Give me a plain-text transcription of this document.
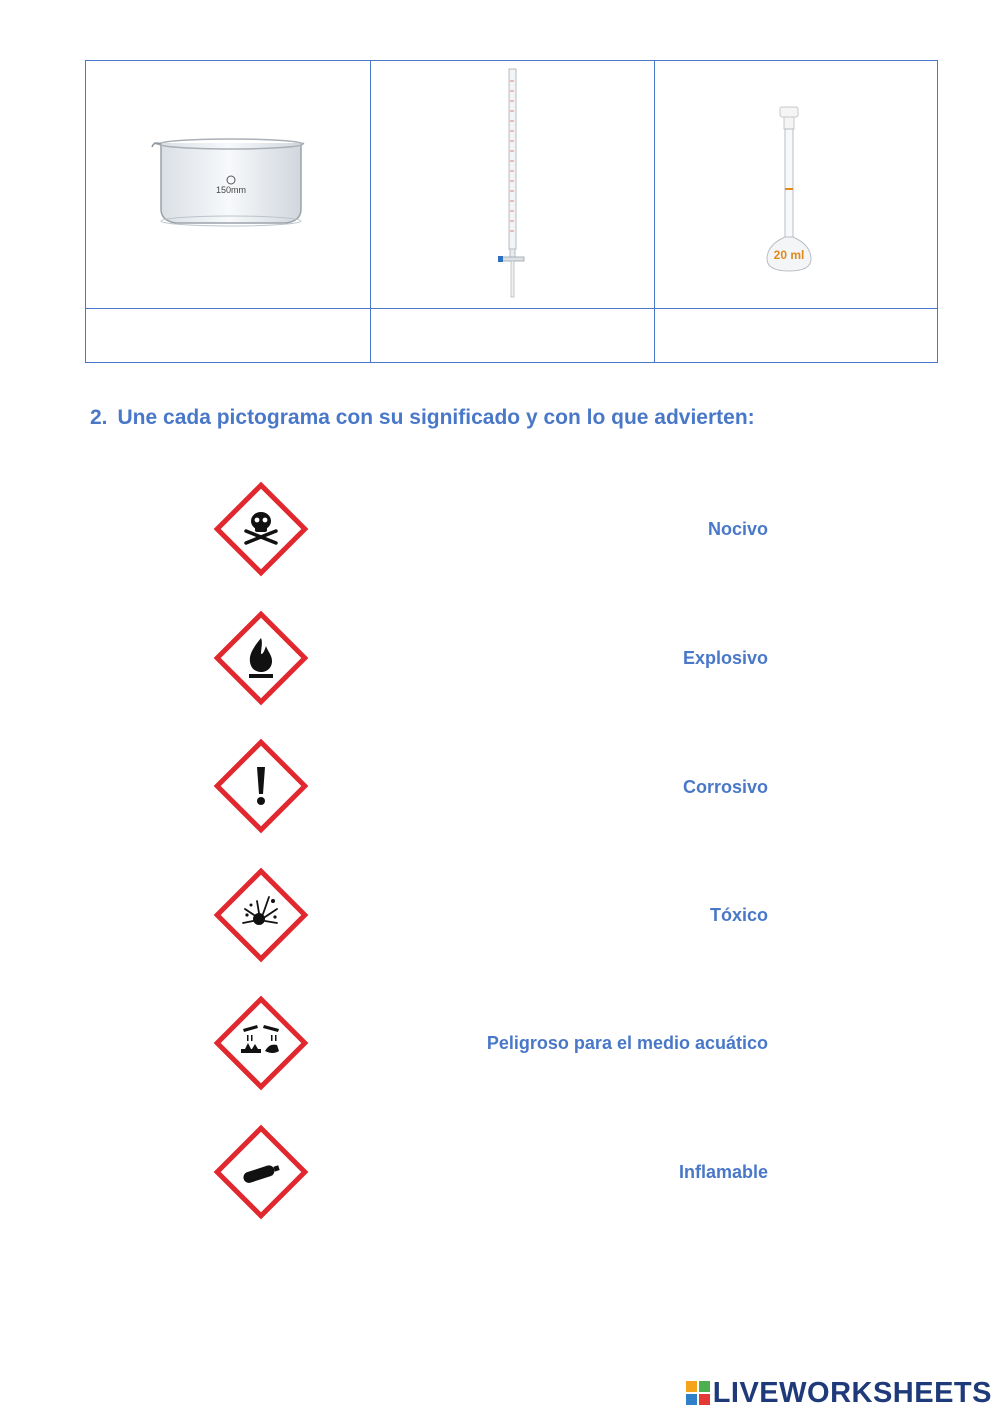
150mm
20 ml
2. Une cada pictograma con su significado y con lo que advierten:
Nocivo
Explosivo
Corrosivo
Tóxico
Peligroso para el medio acuático
Inflamable
LIVEWORKSHEETS
